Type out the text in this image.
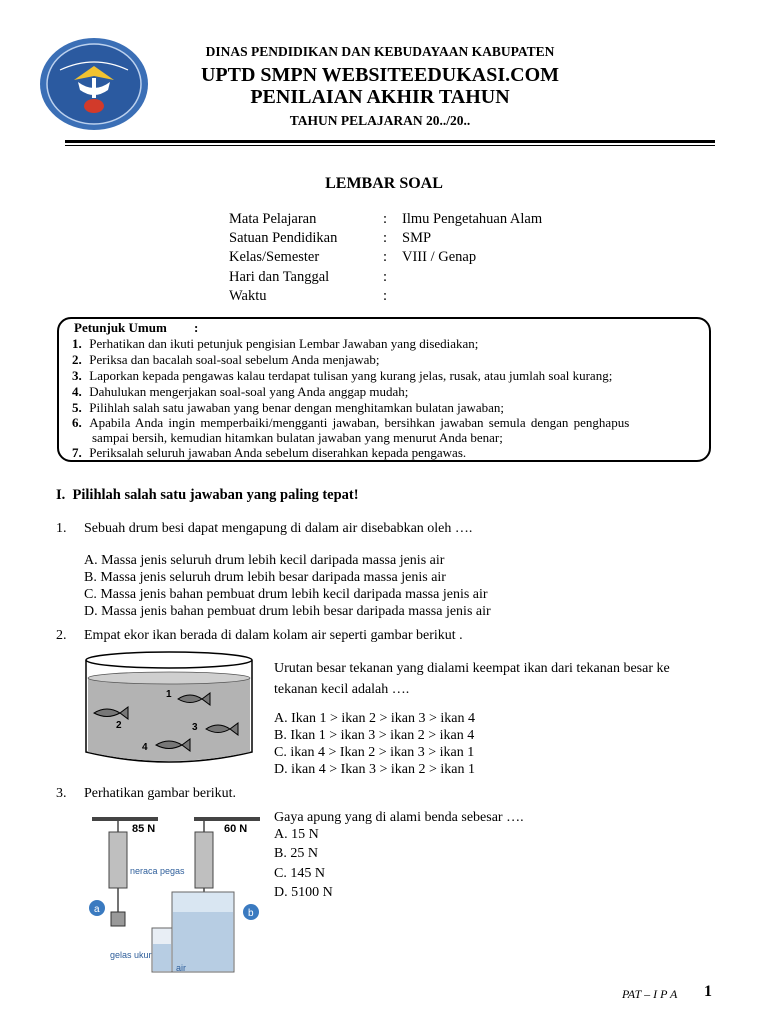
DINAS PENDIDIKAN DAN KEBUDAYAAN KABUPATEN
UPTD SMPN WEBSITEEDUKASI.COM
PENILAIAN AKHIR TAHUN
TAHUN PELAJARAN 20../20..
LEMBAR SOAL
Mata Pelajaran	: Ilmu Pengetahuan Alam
Satuan Pendidikan	: SMP
Kelas/Semester	: VIII / Genap
Hari dan Tanggal	:
Waktu	:
Petunjuk Umum :
1. Perhatikan dan ikuti petunjuk pengisian Lembar Jawaban yang disediakan;
2. Periksa dan bacalah soal-soal sebelum Anda menjawab;
3. Laporkan kepada pengawas kalau terdapat tulisan yang kurang jelas, rusak, atau jumlah soal kurang;
4. Dahulukan mengerjakan soal-soal yang Anda anggap mudah;
5. Pilihlah salah satu jawaban yang benar dengan menghitamkan bulatan jawaban;
6. Apabila Anda ingin memperbaiki/mengganti jawaban, bersihkan jawaban semula dengan penghapus
sampai bersih, kemudian hitamkan bulatan jawaban yang menurut Anda benar;
7. Periksalah seluruh jawaban Anda sebelum diserahkan kepada pengawas.
I.  Pilihlah salah satu jawaban yang paling tepat!
1. Sebuah drum besi dapat mengapung di dalam air disebabkan oleh ….
A. Massa jenis seluruh drum lebih kecil daripada massa jenis air
B. Massa jenis seluruh drum lebih besar daripada massa jenis air
C. Massa jenis bahan pembuat drum lebih kecil daripada massa jenis air
D. Massa jenis bahan pembuat drum lebih besar daripada massa jenis air
2. Empat ekor ikan berada di dalam kolam air seperti gambar berikut .
1
2	3
4
Urutan besar tekanan yang dialami keempat ikan dari tekanan besar ke
tekanan kecil adalah ….
A. Ikan 1 > ikan 2 > ikan 3 > ikan 4
B. Ikan 1 > ikan 3 > ikan 2 > ikan 4
C. ikan 4 > Ikan 2 > ikan 3 > ikan 1
D. ikan 4 > Ikan 3 > ikan 2 > ikan 1
3. Perhatikan gambar berikut.
a	b
85 N	60 N
neraca pegas
gelas ukur
air
Gaya apung yang di alami benda sebesar ….
A. 15 N
B. 25 N
C. 145 N
D. 5100 N
PAT – I P A 1
